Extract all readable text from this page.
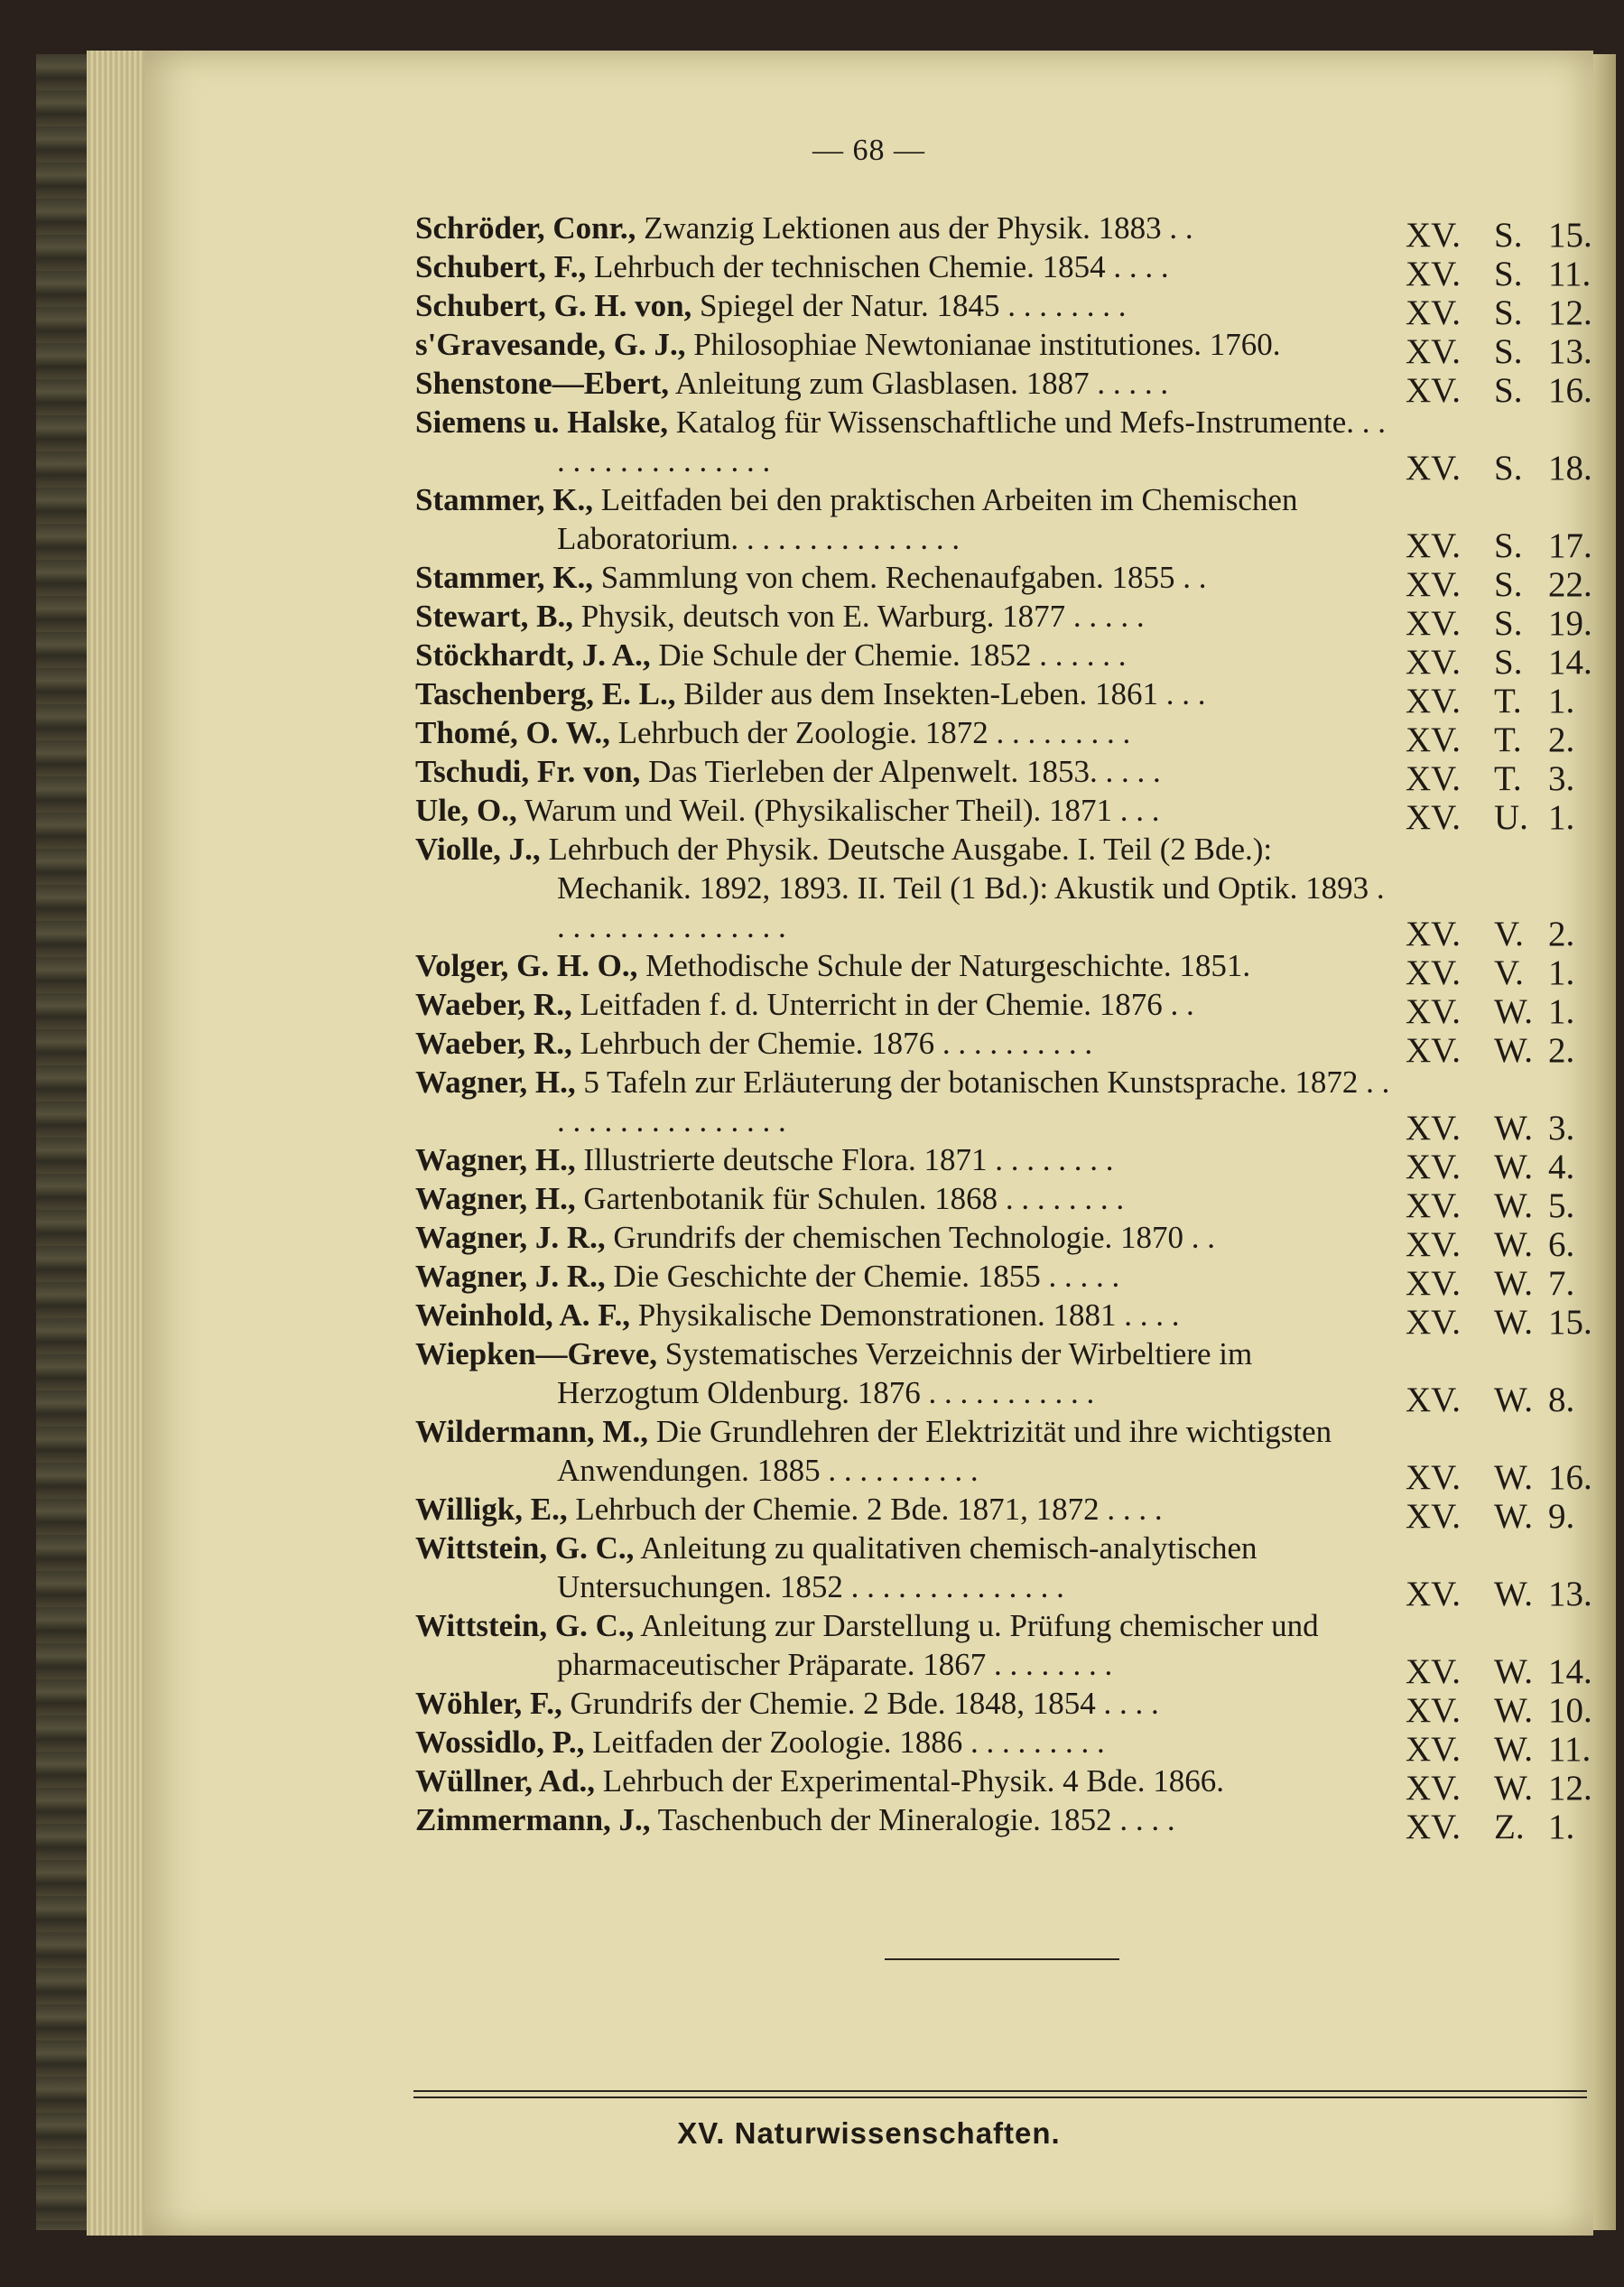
— 68 —
Schröder, Conr., Zwanzig Lektionen aus der Physik. 1883 . .	XV. S. 15.
Schubert, F., Lehrbuch der technischen Chemie. 1854 . . . .	XV. S. 11.
Schubert, G. H. von, Spiegel der Natur. 1845 . . . . . . . .	XV. S. 12.
s'Gravesande, G. J., Philosophiae Newtonianae institutiones. 1760.	XV. S. 13.
Shenstone—Ebert, Anleitung zum Glasblasen. 1887 . . . . .	XV. S. 16.
Siemens u. Halske, Katalog für Wissenschaftliche und Mefs-Instrumente. . . . . . . . . . . . . . . . .	XV. S. 18.
Stammer, K., Leitfaden bei den praktischen Arbeiten im Chemischen Laboratorium. . . . . . . . . . . . . . .	XV. S. 17.
Stammer, K., Sammlung von chem. Rechenaufgaben. 1855 . .	XV. S. 22.
Stewart, B., Physik, deutsch von E. Warburg. 1877 . . . . .	XV. S. 19.
Stöckhardt, J. A., Die Schule der Chemie. 1852 . . . . . .	XV. S. 14.
Taschenberg, E. L., Bilder aus dem Insekten-Leben. 1861 . . .	XV. T. 1.
Thomé, O. W., Lehrbuch der Zoologie. 1872 . . . . . . . . .	XV. T. 2.
Tschudi, Fr. von, Das Tierleben der Alpenwelt. 1853. . . . .	XV. T. 3.
Ule, O., Warum und Weil. (Physikalischer Theil). 1871 . . .	XV. U. 1.
Violle, J., Lehrbuch der Physik. Deutsche Ausgabe. I. Teil (2 Bde.): Mechanik. 1892, 1893. II. Teil (1 Bd.): Akustik und Optik. 1893 . . . . . . . . . . . . . . . .	XV. V. 2.
Volger, G. H. O., Methodische Schule der Naturgeschichte. 1851.	XV. V. 1.
Waeber, R., Leitfaden f. d. Unterricht in der Chemie. 1876 . .	XV. W. 1.
Waeber, R., Lehrbuch der Chemie. 1876 . . . . . . . . . .	XV. W. 2.
Wagner, H., 5 Tafeln zur Erläuterung der botanischen Kunstsprache. 1872 . . . . . . . . . . . . . . . . .	XV. W. 3.
Wagner, H., Illustrierte deutsche Flora. 1871 . . . . . . . .	XV. W. 4.
Wagner, H., Gartenbotanik für Schulen. 1868 . . . . . . . .	XV. W. 5.
Wagner, J. R., Grundrifs der chemischen Technologie. 1870 . .	XV. W. 6.
Wagner, J. R., Die Geschichte der Chemie. 1855 . . . . .	XV. W. 7.
Weinhold, A. F., Physikalische Demonstrationen. 1881 . . . .	XV. W. 15.
Wiepken—Greve, Systematisches Verzeichnis der Wirbeltiere im Herzogtum Oldenburg. 1876 . . . . . . . . . . .	XV. W. 8.
Wildermann, M., Die Grundlehren der Elektrizität und ihre wichtigsten Anwendungen. 1885 . . . . . . . . . .	XV. W. 16.
Willigk, E., Lehrbuch der Chemie. 2 Bde. 1871, 1872 . . . .	XV. W. 9.
Wittstein, G. C., Anleitung zu qualitativen chemisch-analytischen Untersuchungen. 1852 . . . . . . . . . . . . . .	XV. W. 13.
Wittstein, G. C., Anleitung zur Darstellung u. Prüfung chemischer und pharmaceutischer Präparate. 1867 . . . . . . . .	XV. W. 14.
Wöhler, F., Grundrifs der Chemie. 2 Bde. 1848, 1854 . . . .	XV. W. 10.
Wossidlo, P., Leitfaden der Zoologie. 1886 . . . . . . . . .	XV. W. 11.
Wüllner, Ad., Lehrbuch der Experimental-Physik. 4 Bde. 1866.	XV. W. 12.
Zimmermann, J., Taschenbuch der Mineralogie. 1852 . . . .	XV. Z. 1.
XV. Naturwissenschaften.
